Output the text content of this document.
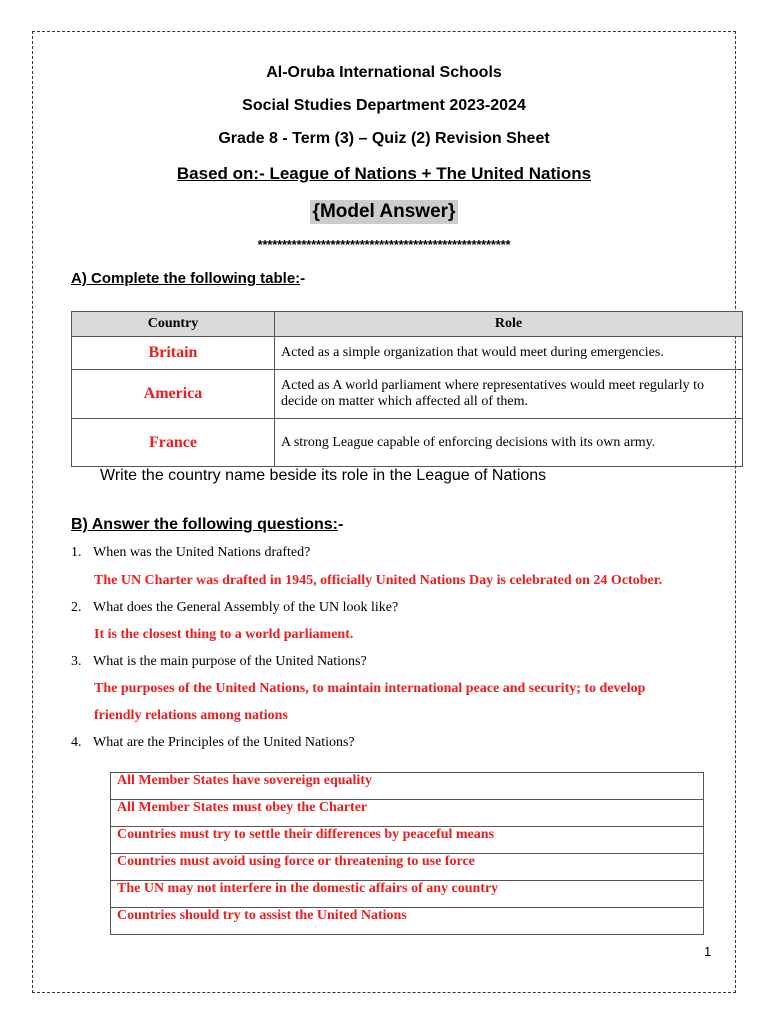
Al-Oruba International Schools
Social Studies Department 2023-2024
Grade 8 - Term (3) – Quiz (2) Revision Sheet
Based on:- League of Nations + The United Nations
{Model Answer}
****************************************************
A) Complete the following table:-
Country	Role
Britain	Acted as a simple organization that would meet during emergencies.
America	Acted as A world parliament where representatives would meet regularly to decide on matter which affected all of them.
France	A strong League capable of enforcing decisions with its own army.
Write the country name beside its role in the League of Nations
B) Answer the following questions:-
1. When was the United Nations drafted?
The UN Charter was drafted in 1945, officially United Nations Day is celebrated on 24 October.
2. What does the General Assembly of the UN look like?
It is the closest thing to a world parliament.
3. What is the main purpose of the United Nations?
The purposes of the United Nations, to maintain international peace and security; to develop
friendly relations among nations
4. What are the Principles of the United Nations?
All Member States have sovereign equality
All Member States must obey the Charter
Countries must try to settle their differences by peaceful means
Countries must avoid using force or threatening to use force
The UN may not interfere in the domestic affairs of any country
Countries should try to assist the United Nations
1
